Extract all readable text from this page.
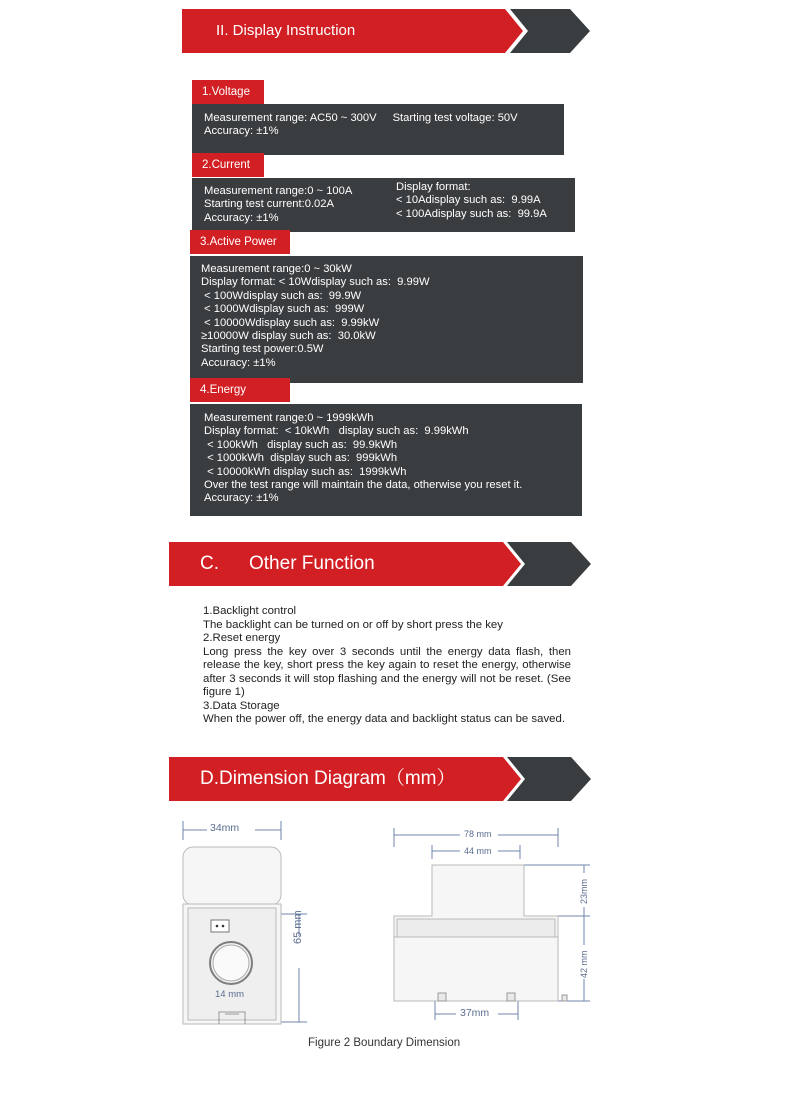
II. Display Instruction
1.Voltage
Measurement range: AC50 ~ 300V Starting test voltage: 50V
Accuracy: ±1%
2.Current
Measurement range:0 ~ 100A
Starting test current:0.02A
Accuracy: ±1%
Display format:
< 10Adisplay such as:  9.99A
< 100Adisplay such as:  99.9A
3.Active Power
Measurement range:0 ~ 30kW
Display format: < 10Wdisplay such as:  9.99W
< 100Wdisplay such as:  99.9W
< 1000Wdisplay such as:  999W
< 10000Wdisplay such as:  9.99kW
≥10000W display such as:  30.0kW
Starting test power:0.5W
Accuracy: ±1%
4.Energy
Measurement range:0 ~ 1999kWh
Display format:  < 10kWh   display such as:  9.99kWh
< 100kWh   display such as:  99.9kWh
< 1000kWh  display such as:  999kWh
< 10000kWh display such as:  1999kWh
Over the test range will maintain the data, otherwise you reset it.
Accuracy: ±1%
C. Other Function
1.Backlight control
The backlight can be turned on or off by short press the key
2.Reset energy
Long press the key over 3 seconds until the energy data flash, then release the key, short press the key again to reset the energy, otherwise after 3 seconds it will stop flashing and the energy will not be reset. (See figure 1)
3.Data Storage
When the power off, the energy data and backlight status can be saved.
D.Dimension Diagram（mm）
34mm
65 mm
14 mm
78 mm
44 mm
23mm
42 mm
37mm
Figure 2 Boundary Dimension
